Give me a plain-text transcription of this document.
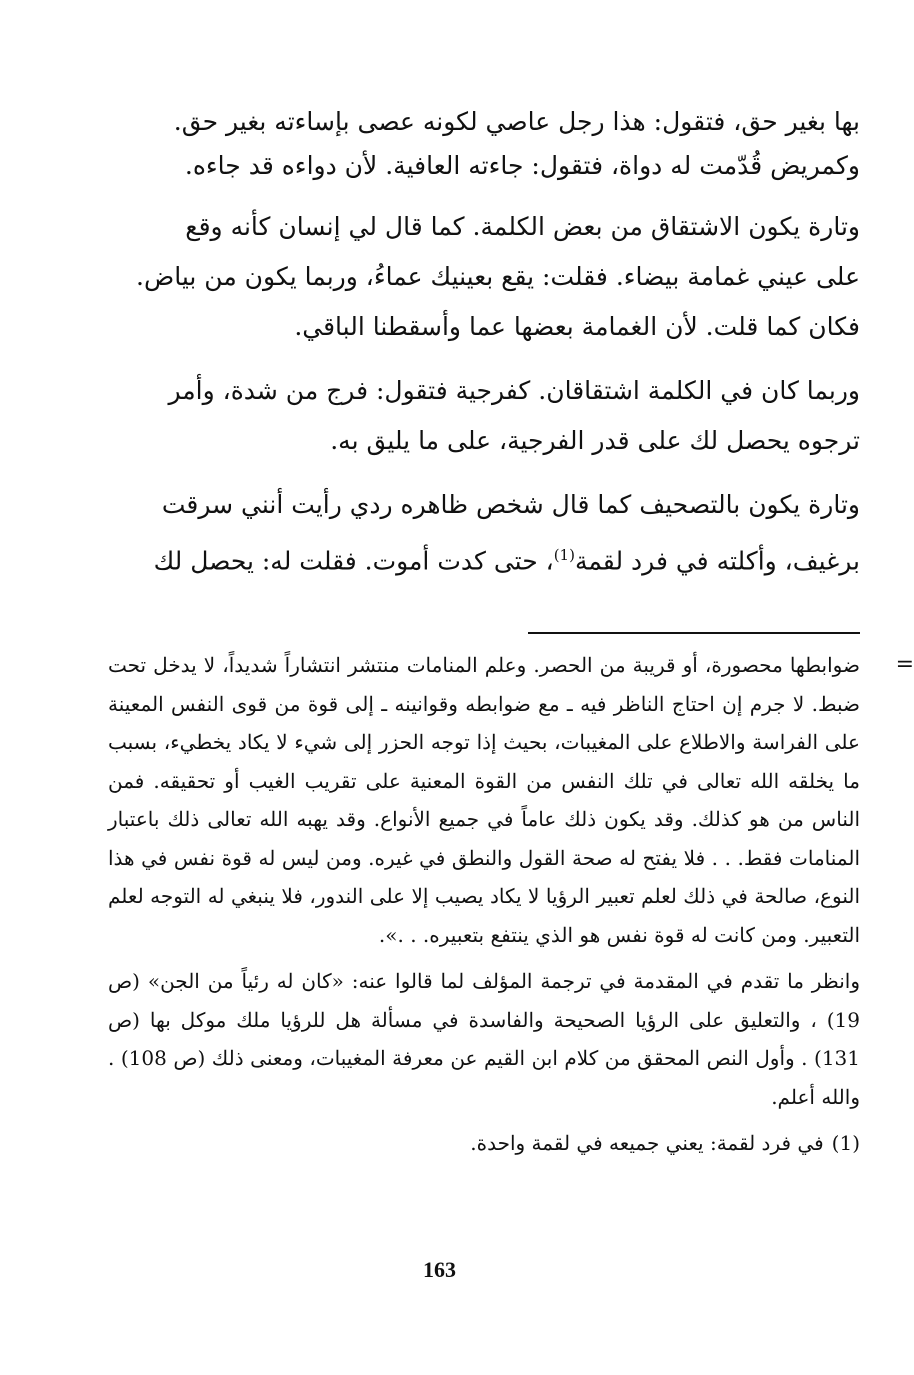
بها بغير حق، فتقول: هذا رجل عاصي لكونه عصى بإساءته بغير حق.

وكمريض قُدّمت له دواة، فتقول: جاءته العافية. لأن دواءه قد جاءه.

وتارة يكون الاشتقاق من بعض الكلمة. كما قال لي إنسان كأنه وقع

على عيني غمامة بيضاء. فقلت: يقع بعينيك عماءُ، وربما يكون من بياض.

فكان كما قلت. لأن الغمامة بعضها عما وأسقطنا الباقي.

وربما كان في الكلمة اشتقاقان. كفرجية فتقول: فرج من شدة، وأمر

ترجوه يحصل لك على قدر الفرجية، على ما يليق به.

وتارة يكون بالتصحيف كما قال شخص ظاهره ردي رأيت أنني سرقت

برغيف، وأكلته في فرد لقمة$^{(1)}$، حتى كدت أموت. فقلت له: يحصل لك

=
ضوابطها محصورة، أو قريبة من الحصر. وعلم المنامات منتشر انتشاراً شديداً، لا يدخل تحت ضبط. لا جرم إن احتاج الناظر فيه ـ مع ضوابطه وقوانينه ـ إلى قوة من قوى النفس المعينة على الفراسة والاطلاع على المغيبات، بحيث إذا توجه الحزر إلى شيء لا يكاد يخطيء، بسبب ما يخلقه الله تعالى في تلك النفس من القوة المعنية على تقريب الغيب أو تحقيقه. فمن الناس من هو كذلك. وقد يكون ذلك عاماً في جميع الأنواع. وقد يهبه الله تعالى ذلك باعتبار المنامات فقط. . . فلا يفتح له صحة القول والنطق في غيره. ومن ليس له قوة نفس في هذا النوع، صالحة في ذلك لعلم تعبير الرؤيا لا يكاد يصيب إلا على الندور، فلا ينبغي له التوجه لعلم التعبير. ومن كانت له قوة نفس هو الذي ينتفع بتعبيره. . .».
وانظر ما تقدم في المقدمة في ترجمة المؤلف لما قالوا عنه: «كان له رئياً من الجن» (ص 19) ، والتعليق على الرؤيا الصحيحة والفاسدة في مسألة هل للرؤيا ملك موكل بها (ص 131) . وأول النص المحقق من كلام ابن القيم عن معرفة المغيبات، ومعنى ذلك (ص 108) . والله أعلم.
(1)
في فرد لقمة: يعني جميعه في لقمة واحدة.
163
